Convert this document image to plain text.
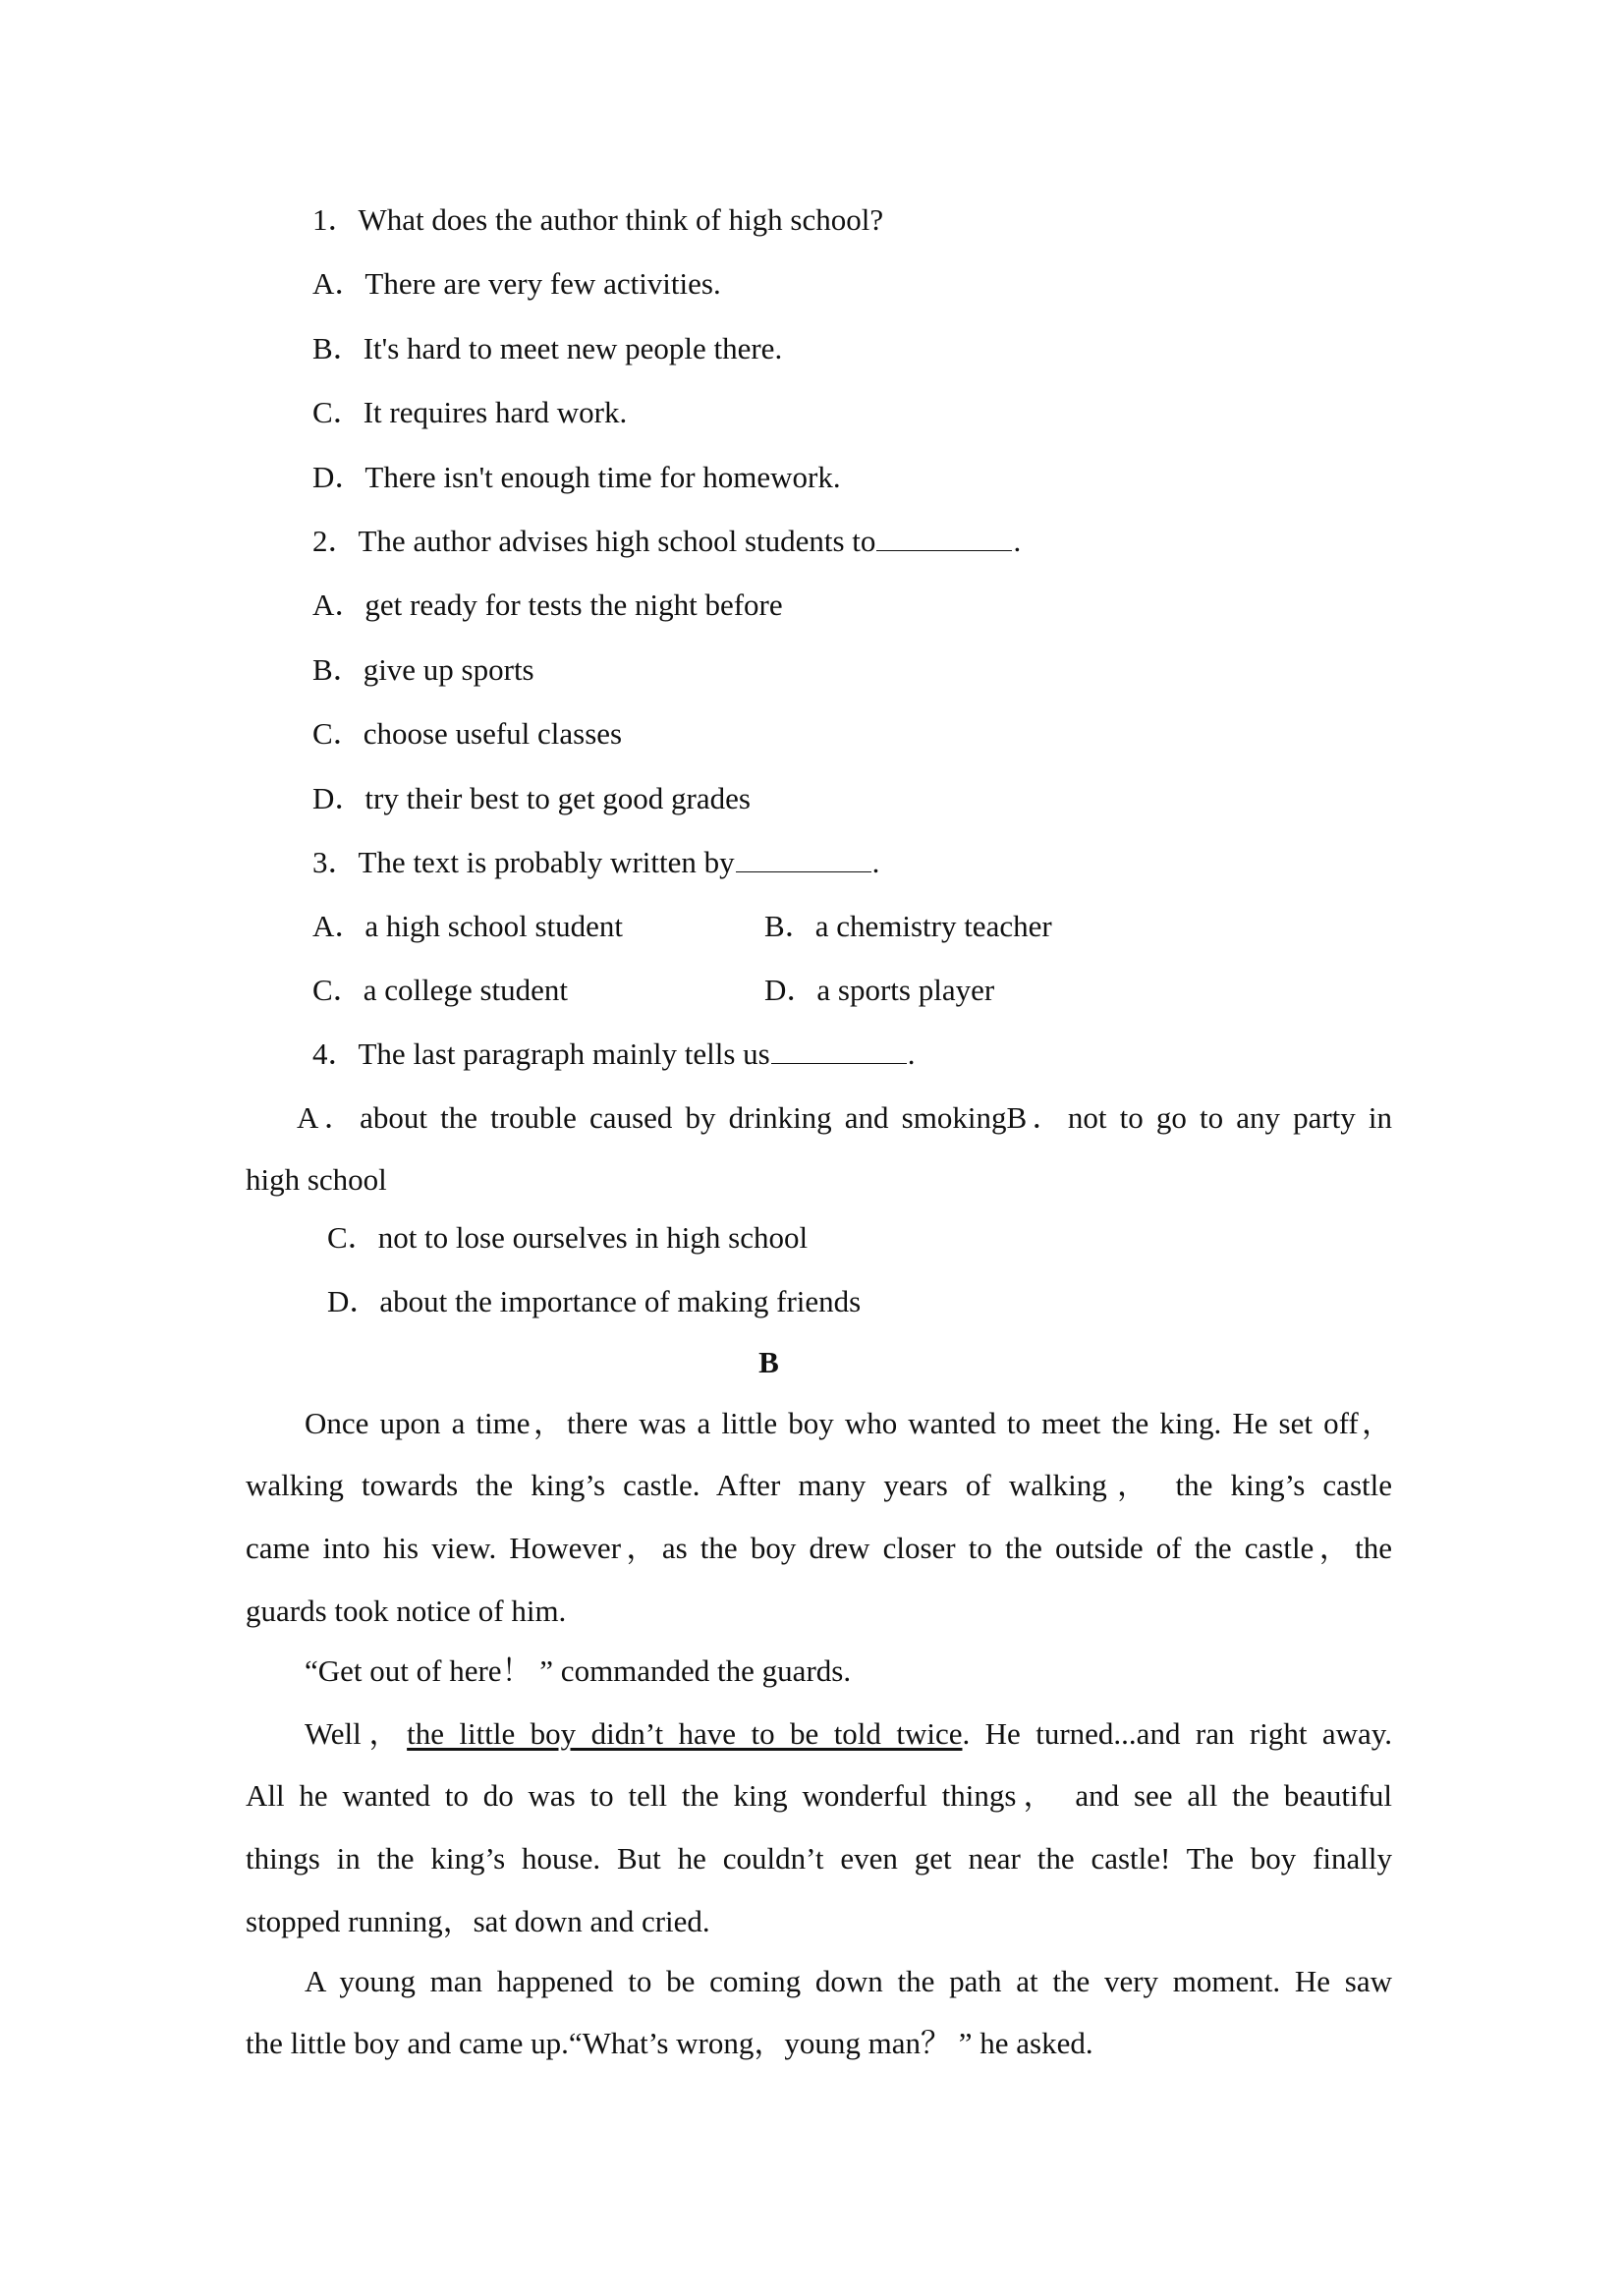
1．What does the author think of high school?
A．There are very few activities.
B．It's hard to meet new people there.
C．It requires hard work.
D．There isn't enough time for homework.
2．The author advises high school students to	.
A．get ready for tests the night before
B．give up sports
C．choose useful classes
D．try their best to get good grades
3．The text is probably written by	.
A．a high school student	B．a chemistry teacher
C．a college student	D．a sports player
4．The last paragraph mainly tells us	.
A．about the trouble caused by drinking and smokingB．not to go to any party in
high school
C．not to lose ourselves in high school
D．about the importance of making friends
B
Once upon a time，there was a little boy who wanted to meet the king. He set off，
walking towards the king’s castle. After many years of walking， the king’s castle
came into his view. However，as the boy drew closer to the outside of the castle，the
guards took notice of him.
“Get out of here！ ” commanded the guards.
Well，the little boy didn’t have to be told twice. He turned...and ran right away.
All he wanted to do was to tell the king wonderful things， and see all the beautiful
things in the king’s house. But he couldn’t even get near the castle! The boy finally
stopped running，sat down and cried.
A young man happened to be coming down the path at the very moment. He saw
the little boy and came up.“What’s wrong，young man？ ” he asked.
